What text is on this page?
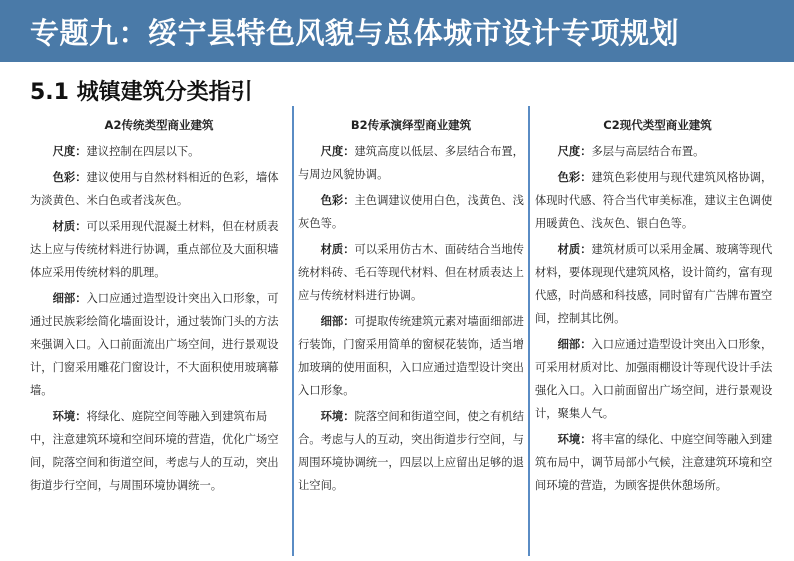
专题九：绥宁县特色风貌与总体城市设计专项规划
5.1 城镇建筑分类指引
A2传统类型商业建筑

尺度：建议控制在四层以下。

色彩：建议使用与自然材料相近的色彩，墙体为淡黄色、米白色或者浅灰色。

材质：可以采用现代混凝土材料，但在材质表达上应与传统材料进行协调，重点部位及大面积墙体应采用传统材料的肌理。

细部：入口应通过造型设计突出入口形象，可通过民族彩绘简化墙面设计，通过装饰门头的方法来强调入口。入口前面流出广场空间，进行景观设计，门窗采用雕花门窗设计，不大面积使用玻璃幕墙。

环境：将绿化、庭院空间等融入到建筑布局中，注意建筑环境和空间环境的营造，优化广场空间，院落空间和街道空间，考虑与人的互动，突出街道步行空间，与周围环境协调统一。

B2传承演绎型商业建筑

尺度：建筑高度以低层、多层结合布置，与周边风貌协调。

色彩：主色调建议使用白色，浅黄色、浅灰色等。

材质：可以采用仿古木、面砖结合当地传统材料砖、毛石等现代材料、但在材质表达上应与传统材料进行协调。

细部：可提取传统建筑元素对墙面细部进行装饰，门窗采用简单的窗棂花装饰，适当增加玻璃的使用面积，入口应通过造型设计突出入口形象。

环境：院落空间和街道空间，使之有机结合。考虑与人的互动，突出街道步行空间，与周围环境协调统一，四层以上应留出足够的退让空间。

C2现代类型商业建筑

尺度：多层与高层结合布置。

色彩：建筑色彩使用与现代建筑风格协调，体现时代感、符合当代审美标准，建议主色调使用暖黄色、浅灰色、银白色等。

材质：建筑材质可以采用金属、玻璃等现代材料，要体现现代建筑风格，设计简约，富有现代感，时尚感和科技感，同时留有广告牌布置空间，控制其比例。

细部：入口应通过造型设计突出入口形象，可采用材质对比、加强雨棚设计等现代设计手法强化入口。入口前面留出广场空间，进行景观设计，聚集人气。

环境：将丰富的绿化、中庭空间等融入到建筑布局中，调节局部小气候，注意建筑环境和空间环境的营造，为顾客提供休憩场所。
